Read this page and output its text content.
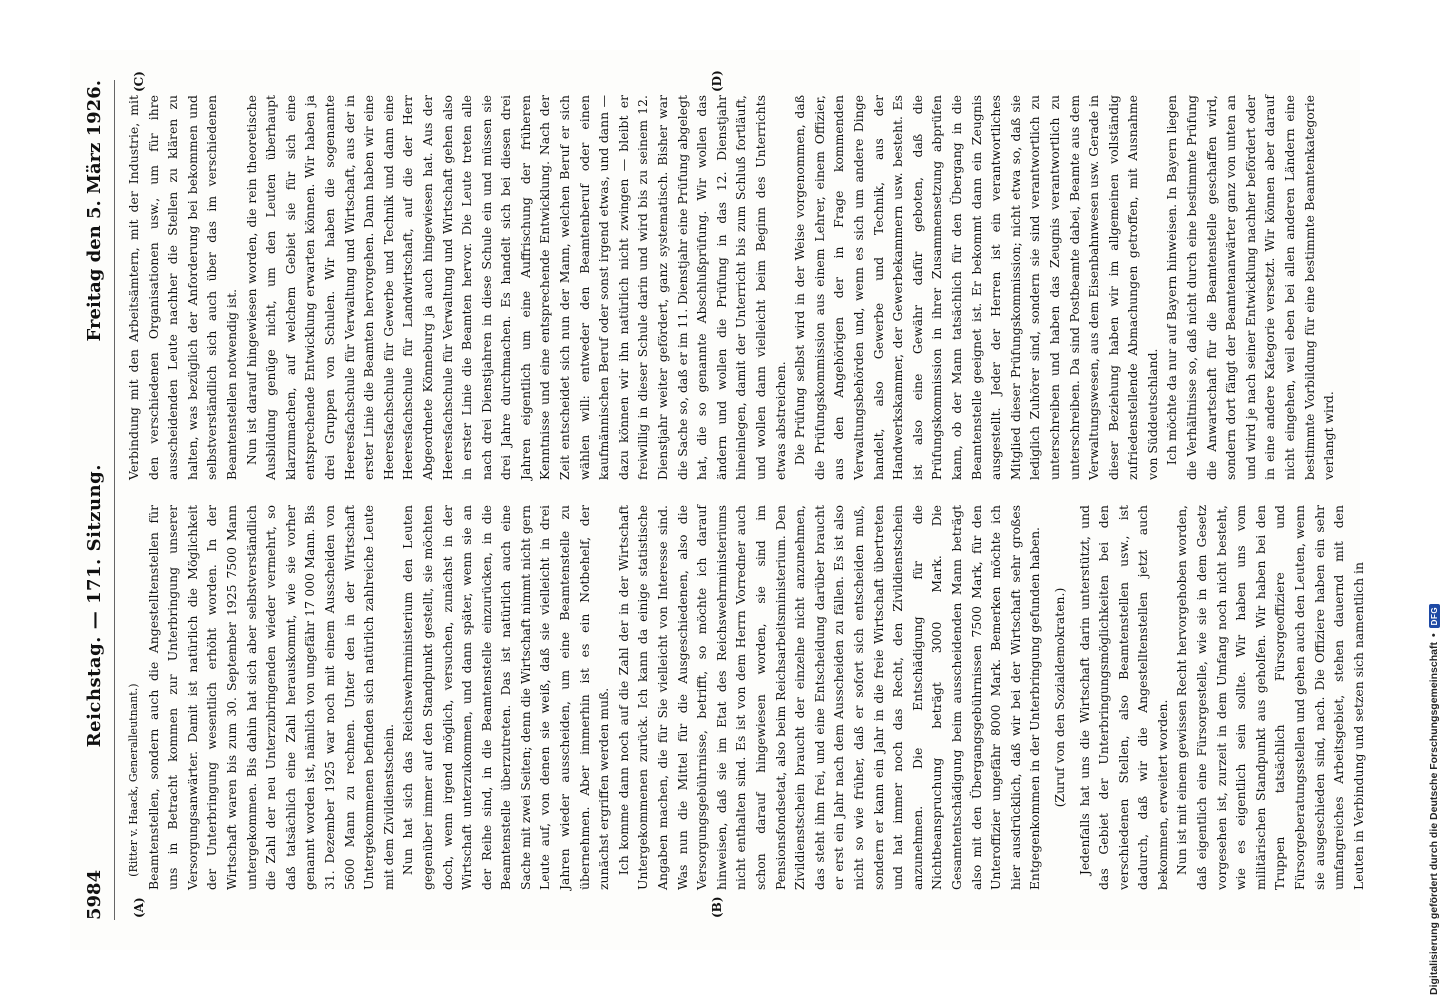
5984
Reichstag. — 171. Sitzung.
Freitag den 5. März 1926.
(A)	(B)
(C)	(D)

(Ritter v. Haack, Generalleutnant.) Beamtenstellen, sondern auch die Angestelltenstellen für uns in Betracht kommen zur Unterbringung unserer Versorgungsanwärter. Damit ist natürlich die Möglichkeit der Unterbringung wesentlich erhöht worden. In der Wirtschaft waren bis zum 30. September 1925 7500 Mann untergekommen. Bis dahin hat sich aber selbstverständlich die Zahl der neu Unterzubringenden wieder vermehrt, so daß tatsächlich eine Zahl herauskommt, wie sie vorher genannt worden ist, nämlich von ungefähr 17 000 Mann. Bis 31. Dezember 1925 war noch mit einem Ausscheiden von 5600 Mann zu rechnen. Unter den in der Wirtschaft Untergekommenen befinden sich natürlich zahlreiche Leute mit dem Zivildienstschein. Nun hat sich das Reichswehrministerium den Leuten gegenüber immer auf den Standpunkt gestellt, sie möchten doch, wenn irgend möglich, versuchen, zunächst in der Wirtschaft unterzukommen, und dann später, wenn sie an der Reihe sind, in die Beamtenstelle einzurücken, in die Beamtenstelle überzutreten. Das ist natürlich auch eine Sache mit zwei Seiten; denn die Wirtschaft nimmt nicht gern Leute auf, von denen sie weiß, daß sie vielleicht in drei Jahren wieder ausscheiden, um eine Beamtenstelle zu übernehmen. Aber immerhin ist es ein Notbehelf, der zunächst ergriffen werden muß. Ich komme dann noch auf die Zahl der in der Wirtschaft Untergekommenen zurück. Ich kann da einige statistische Angaben machen, die für Sie vielleicht von Interesse sind. Was nun die Mittel für die Ausgeschiedenen, also die Versorgungsgebührnisse, betrifft, so möchte ich darauf hinweisen, daß sie im Etat des Reichswehrministeriums nicht enthalten sind. Es ist von dem Herrn Vorredner auch schon darauf hingewiesen worden, sie sind im Pensionsfondsetat, also beim Reichsarbeitsministerium. Den Zivildienstschein braucht der einzelne nicht anzunehmen, das steht ihm frei, und eine Entscheidung darüber braucht er erst ein Jahr nach dem Ausscheiden zu fällen. Es ist also nicht so wie früher, daß er sofort sich entscheiden muß, sondern er kann ein Jahr in die freie Wirtschaft übertreten und hat immer noch das Recht, den Zivildienstschein anzunehmen. Die Entschädigung für die Nichtbeanspruchung beträgt 3000 Mark. Die Gesamtentschädigung beim ausscheidenden Mann beträgt also mit den Übergangsgebührnissen 7500 Mark, für den Unteroffizier ungefähr 8000 Mark. Bemerken möchte ich hier ausdrücklich, daß wir bei der Wirtschaft sehr großes Entgegenkommen in der Unterbringung gefunden haben. (Zuruf von den Sozialdemokraten.) Jedenfalls hat uns die Wirtschaft darin unterstützt, und das Gebiet der Unterbringungsmöglichkeiten bei den verschiedenen Stellen, also Beamtenstellen usw., ist dadurch, daß wir die Angestelltenstellen jetzt auch bekommen, erweitert worden. Nun ist mit einem gewissen Recht hervorgehoben worden, daß eigentlich eine Fürsorgestelle, wie sie in dem Gesetz vorgesehen ist, zurzeit in dem Umfang noch nicht besteht, wie es eigentlich sein sollte. Wir haben uns vom militärischen Standpunkt aus geholfen. Wir haben bei den Truppen tatsächlich Fürsorgeoffiziere und Fürsorgeberatungsstellen und gehen auch den Leuten, wenn sie ausgeschieden sind, nach. Die Offiziere haben ein sehr umfangreiches Arbeitsgebiet, stehen dauernd mit den Leuten in Verbindung und setzen sich namentlich in

Verbindung mit den Arbeitsämtern, mit der Industrie, mit den verschiedenen Organisationen usw., um für ihre ausscheidenden Leute nachher die Stellen zu klären zu halten, was bezüglich der Anforderung bei bekommen und selbstverständlich sich auch über das im verschiedenen Beamtenstellen notwendig ist. Nun ist darauf hingewiesen worden, die rein theoretische Ausbildung genüge nicht, um den Leuten überhaupt klarzumachen, auf welchem Gebiet sie für sich eine entsprechende Entwicklung erwarten können. Wir haben ja drei Gruppen von Schulen. Wir haben die sogenannte Heeresfachschule für Verwaltung und Wirtschaft, aus der in erster Linie die Beamten hervorgehen. Dann haben wir eine Heeresfachschule für Gewerbe und Technik und dann eine Heeresfachschule für Landwirtschaft, auf die der Herr Abgeordnete Könneburg ja auch hingewiesen hat. Aus der Heeresfachschule für Verwaltung und Wirtschaft gehen also in erster Linie die Beamten hervor. Die Leute treten alle nach drei Dienstjahren in diese Schule ein und müssen sie drei Jahre durchmachen. Es handelt sich bei diesen drei Jahren eigentlich um eine Auffrischung der früheren Kenntnisse und eine entsprechende Entwicklung. Nach der Zeit entscheidet sich nun der Mann, welchen Beruf er sich wählen will: entweder den Beamtenberuf oder einen kaufmännischen Beruf oder sonst irgend etwas, und dann — dazu können wir ihn natürlich nicht zwingen — bleibt er freiwillig in dieser Schule darin und wird bis zu seinem 12. Dienstjahr weiter gefördert, ganz systematisch. Bisher war die Sache so, daß er im 11. Dienstjahr eine Prüfung abgelegt hat, die so genannte Abschlußprüfung. Wir wollen das ändern und wollen die Prüfung in das 12. Dienstjahr hineinlegen, damit der Unterricht bis zum Schluß fortläuft, und wollen dann vielleicht beim Beginn des Unterrichts etwas abstreichen. Die Prüfung selbst wird in der Weise vorgenommen, daß die Prüfungskommission aus einem Lehrer, einem Offizier, aus den Angehörigen der in Frage kommenden Verwaltungsbehörden und, wenn es sich um andere Dinge handelt, also Gewerbe und Technik, aus der Handwerkskammer, der Gewerbekammern usw. besteht. Es ist also eine Gewähr dafür geboten, daß die Prüfungskommission in ihrer Zusammensetzung abprüfen kann, ob der Mann tatsächlich für den Übergang in die Beamtenstelle geeignet ist. Er bekommt dann ein Zeugnis ausgestellt. Jeder der Herren ist ein verantwortliches Mitglied dieser Prüfungskommission; nicht etwa so, daß sie lediglich Zuhörer sind, sondern sie sind verantwortlich zu unterschreiben und haben das Zeugnis verantwortlich zu unterschreiben. Da sind Postbeamte dabei, Beamte aus dem Verwaltungswesen, aus dem Eisenbahnwesen usw. Gerade in dieser Beziehung haben wir im allgemeinen vollständig zufriedenstellende Abmachungen getroffen, mit Ausnahme von Süddeutschland. Ich möchte da nur auf Bayern hinweisen. In Bayern liegen die Verhältnisse so, daß nicht durch eine bestimmte Prüfung die Anwartschaft für die Beamtenstelle geschaffen wird, sondern dort fängt der Beamtenanwärter ganz von unten an und wird je nach seiner Entwicklung nachher befördert oder in eine andere Kategorie versetzt. Wir können aber darauf nicht eingehen, weil eben bei allen anderen Ländern eine bestimmte Vorbildung für eine bestimmte Beamtenkategorie verlangt wird.

Digitalisierung gefördert durch die Deutsche Forschungsgemeinschaft
•
DFG
